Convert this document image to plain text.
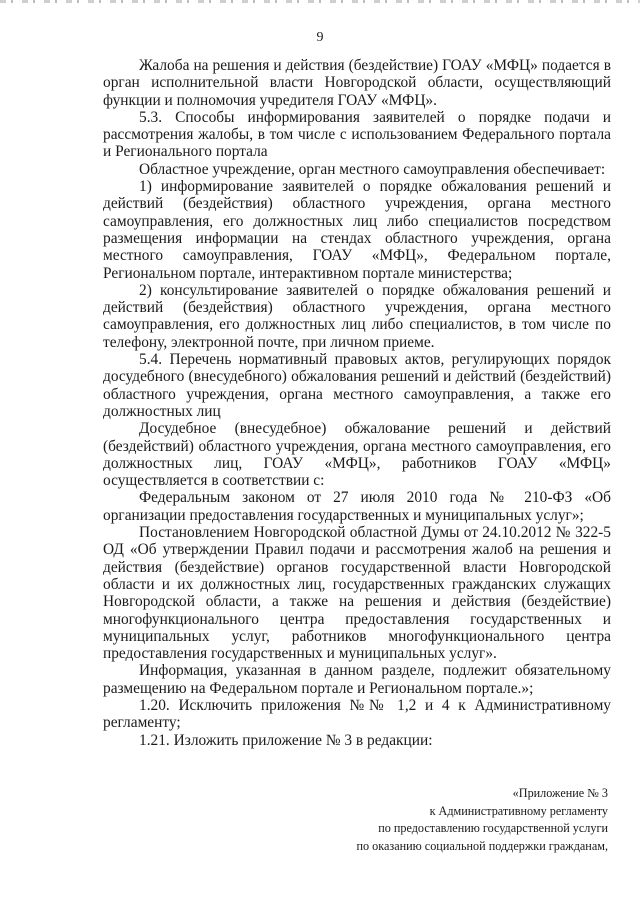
9

Жалоба на решения и действия (бездействие) ГОАУ «МФЦ» подается в орган исполнительной власти Новгородской области, осуществляющий функции и полномочия учредителя ГОАУ «МФЦ».

5.3. Способы информирования заявителей о порядке подачи и рассмотрения жалобы, в том числе с использованием Федерального портала и Регионального портала

Областное учреждение, орган местного самоуправления обеспечивает:

1) информирование заявителей о порядке обжалования решений и действий (бездействия) областного учреждения, органа местного самоуправления, его должностных лиц либо специалистов посредством размещения информации на стендах областного учреждения, органа местного самоуправления, ГОАУ «МФЦ», Федеральном портале, Региональном портале, интерактивном портале министерства;

2) консультирование заявителей о порядке обжалования решений и действий (бездействия) областного учреждения, органа местного самоуправления, его должностных лиц либо специалистов, в том числе по телефону, электронной почте, при личном приеме.

5.4. Перечень нормативный правовых актов, регулирующих порядок досудебного (внесудебного) обжалования решений и действий (бездействий) областного учреждения, органа местного самоуправления, а также его должностных лиц

Досудебное (внесудебное) обжалование решений и действий (бездействий) областного учреждения, органа местного самоуправления, его должностных лиц, ГОАУ «МФЦ», работников ГОАУ «МФЦ» осуществляется в соответствии с:

Федеральным законом от 27 июля 2010 года № 210-ФЗ «Об организации предоставления государственных и муниципальных услуг»;

Постановлением Новгородской областной Думы от 24.10.2012 № 322-5 ОД «Об утверждении Правил подачи и рассмотрения жалоб на решения и действия (бездействие) органов государственной власти Новгородской области и их должностных лиц, государственных гражданских служащих Новгородской области, а также на решения и действия (бездействие) многофункционального центра предоставления государственных и муниципальных услуг, работников многофункционального центра предоставления государственных и муниципальных услуг».

Информация, указанная в данном разделе, подлежит обязательному размещению на Федеральном портале и Региональном портале.»;

1.20. Исключить приложения №№ 1,2 и 4 к Административному регламенту;

1.21. Изложить приложение № 3 в редакции:

«Приложение № 3
к Административному регламенту
по предоставлению государственной услуги
по оказанию социальной поддержки гражданам,
